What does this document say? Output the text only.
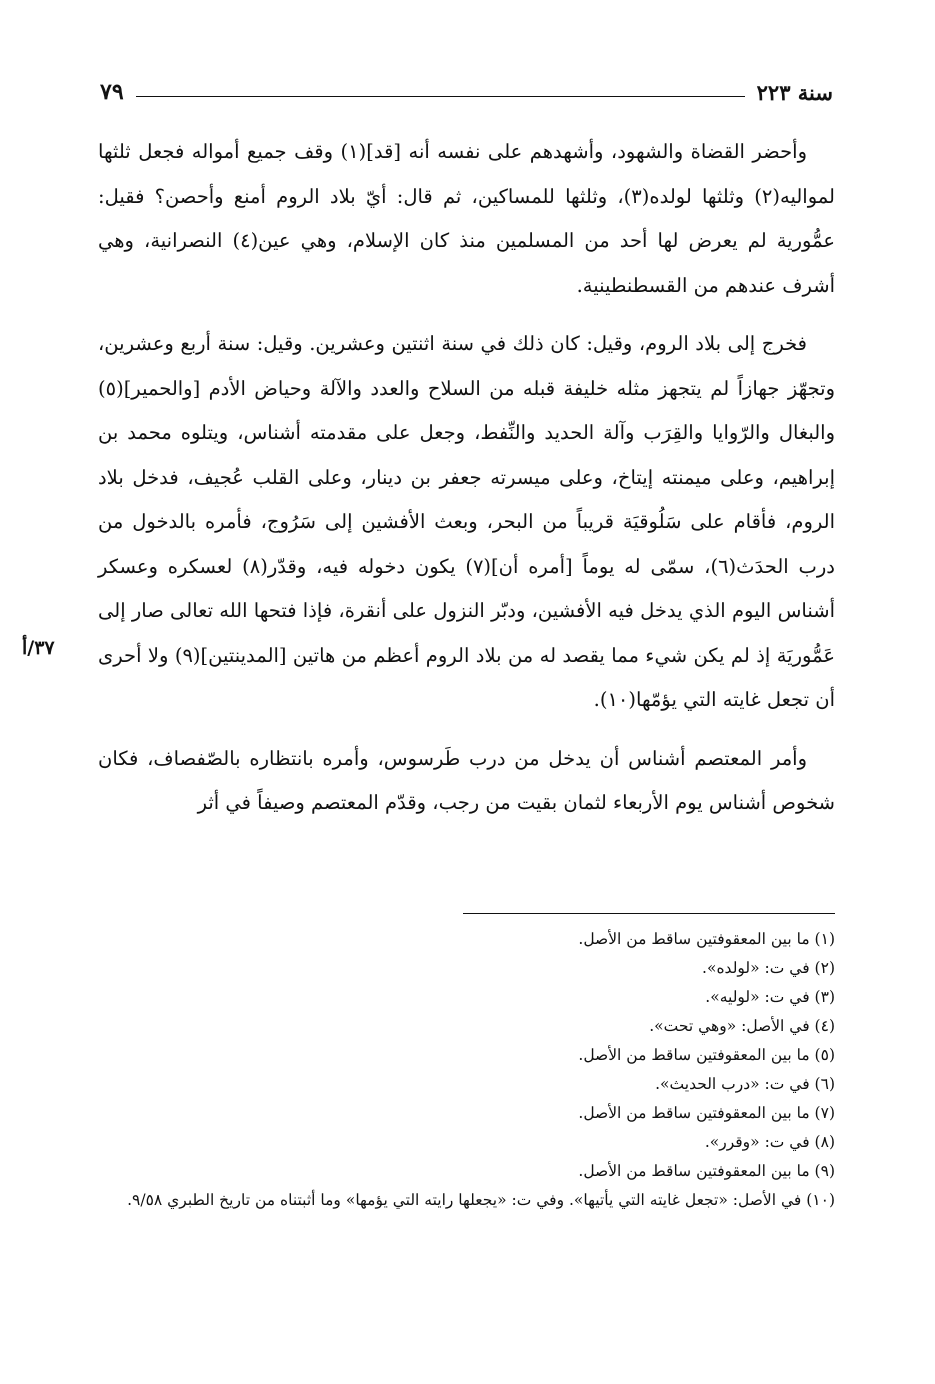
سنة ٢٢٣
٧٩

وأحضر القضاة والشهود، وأشهدهم على نفسه أنه [قد](١) وقف جميع أمواله فجعل ثلثها لمواليه(٢) وثلثها لولده(٣)، وثلثها للمساكين، ثم قال: أيّ بلاد الروم أمنع وأحصن؟ فقيل: عمُّورية لم يعرض لها أحد من المسلمين منذ كان الإسلام، وهي عين(٤) النصرانية، وهي أشرف عندهم من القسطنطينية.

فخرج إلى بلاد الروم، وقيل: كان ذلك في سنة اثنتين وعشرين. وقيل: سنة أربع وعشرين، وتجهّز جهازاً لم يتجهز مثله خليفة قبله من السلاح والعدد والآلة وحياض الأدم [والحمير](٥) والبغال والرّوايا والقِرَب وآلة الحديد والنِّفط، وجعل على مقدمته أشناس، ويتلوه محمد بن إبراهيم، وعلى ميمنته إيتاخ، وعلى ميسرته جعفر بن دينار، وعلى القلب عُجيف، فدخل بلاد الروم، فأقام على سَلُوقيَة قريباً من البحر، وبعث الأفشين إلى سَرُوج، فأمره بالدخول من درب الحدَث(٦)، سمّى له يوماً [أمره أن](٧) يكون دخوله فيه، وقدّر(٨) لعسكره وعسكر أشناس اليوم الذي يدخل فيه الأفشين، ودبّر النزول على أنقرة، فإذا فتحها الله تعالى صار إلى عَمُّوريَة إذ لم يكن شيء مما يقصد له من بلاد الروم أعظم من هاتين [المدينتين](٩) ولا أحرى أن تجعل غايته التي يؤمّها(١٠).

وأمر المعتصم أشناس أن يدخل من درب طَرسوس، وأمره بانتظاره بالصّفصاف، فكان شخوص أشناس يوم الأربعاء لثمان بقيت من رجب، وقدّم المعتصم وصيفاً في أثر

٣٧/أ

(١) ما بين المعقوفتين ساقط من الأصل.

(٢) في ت: «لولده».

(٣) في ت: «لوليه».

(٤) في الأصل: «وهي تحت».

(٥) ما بين المعقوفتين ساقط من الأصل.

(٦) في ت: «درب الحديث».

(٧) ما بين المعقوفتين ساقط من الأصل.

(٨) في ت: «وقرر».

(٩) ما بين المعقوفتين ساقط من الأصل.

(١٠) في الأصل: «تجعل غايته التي يأتيها». وفي ت: «يجعلها رايته التي يؤمها» وما أثبتناه من تاريخ الطبري ٩/٥٨.
